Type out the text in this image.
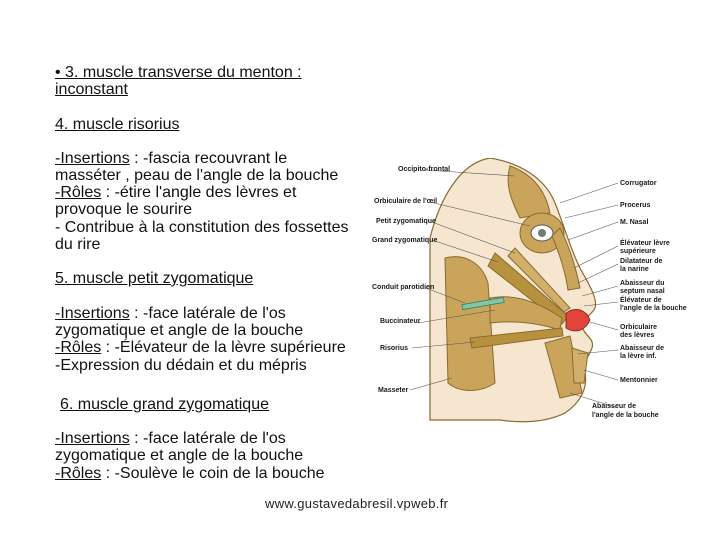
• 3. muscle transverse du menton :
inconstant
4. muscle risorius
-Insertions : -fascia recouvrant le
masséter , peau de l'angle de la bouche
-Rôles : -étire l'angle des lèvres et
provoque le sourire
- Contribue à la constitution des fossettes
du rire
5. muscle petit zygomatique
-Insertions : -face latérale de l'os
zygomatique et angle de la bouche
-Rôles : -Élévateur de la lèvre supérieure
-Expression du dédain et du mépris
6. muscle grand zygomatique
-Insertions : -face latérale de l'os
zygomatique et angle de la bouche
-Rôles : -Soulève le coin de la bouche
Occipito-frontal
Orbiculaire de l'œil
Petit zygomatique
Grand zygomatique
Conduit parotidien
Buccinateur
Risorius
Masseter
Corrugator
Procerus
M. Nasal
Élévateur lèvre
supérieure
Dilatateur de
la narine
Abaisseur du
septum nasal
Élévateur de
l'angle de la bouche
Orbiculaire
des lèvres
Abaisseur de
la lèvre inf.
Mentonnier
Abaisseur de
l'angle de la bouche
www.gustavedabresil.vpweb.fr
